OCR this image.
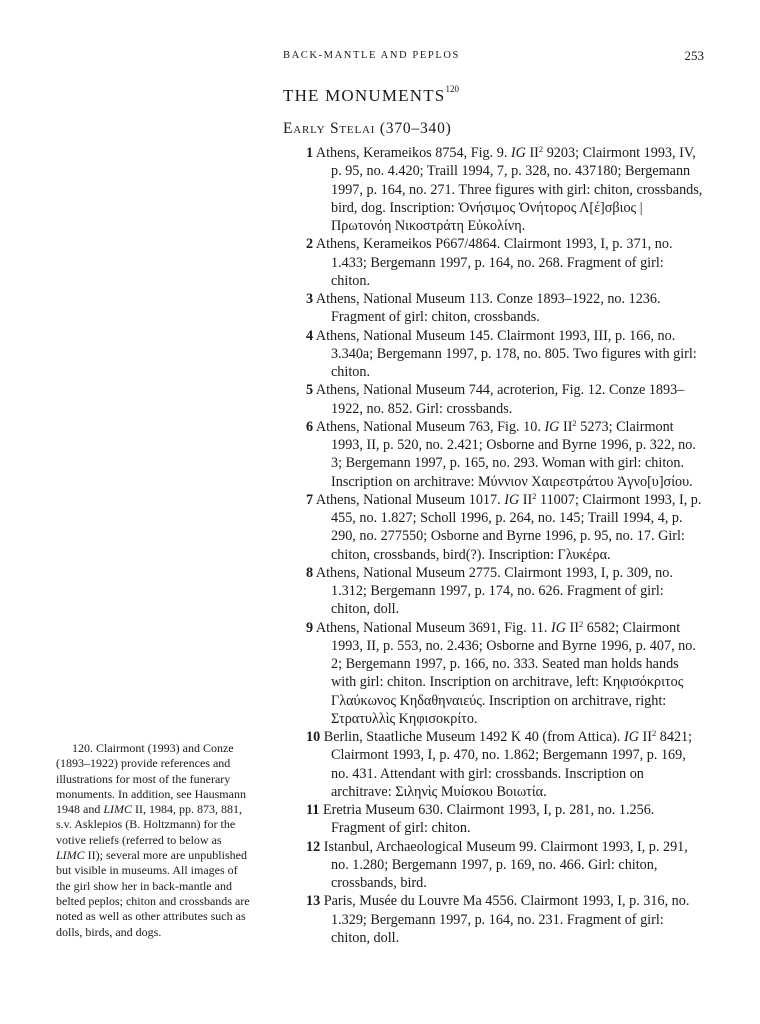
BACK-MANTLE AND PEPLOS	253
THE MONUMENTS$^{120}$
Early Stelai (370–340)
1 Athens, Kerameikos 8754, Fig. 9. IG $II^2$ 9203; Clairmont 1993, IV, p. 95, no. 4.420; Traill 1994, 7, p. 328, no. 437180; Bergemann 1997, p. 164, no. 271. Three figures with girl: chiton, crossbands, bird, dog. Inscription: Ὀνήσιμος Ὀνήτορος Λ[έ]σβιος | Πρωτονόη Νικοστράτη Εὐκολίνη.
2 Athens, Kerameikos P667/4864. Clairmont 1993, I, p. 371, no. 1.433; Bergemann 1997, p. 164, no. 268. Fragment of girl: chiton.
3 Athens, National Museum 113. Conze 1893–1922, no. 1236. Fragment of girl: chiton, crossbands.
4 Athens, National Museum 145. Clairmont 1993, III, p. 166, no. 3.340a; Bergemann 1997, p. 178, no. 805. Two figures with girl: chiton.
5 Athens, National Museum 744, acroterion, Fig. 12. Conze 1893–1922, no. 852. Girl: crossbands.
6 Athens, National Museum 763, Fig. 10. IG $II^2$ 5273; Clairmont 1993, II, p. 520, no. 2.421; Osborne and Byrne 1996, p. 322, no. 3; Bergemann 1997, p. 165, no. 293. Woman with girl: chiton. Inscription on architrave: Μύννιον Χαιρεστράτου Ἁγνο[υ]σίου.
7 Athens, National Museum 1017. IG $II^2$ 11007; Clairmont 1993, I, p. 455, no. 1.827; Scholl 1996, p. 264, no. 145; Traill 1994, 4, p. 290, no. 277550; Osborne and Byrne 1996, p. 95, no. 17. Girl: chiton, crossbands, bird(?). Inscription: Γλυκέρα.
8 Athens, National Museum 2775. Clairmont 1993, I, p. 309, no. 1.312; Bergemann 1997, p. 174, no. 626. Fragment of girl: chiton, doll.
9 Athens, National Museum 3691, Fig. 11. IG $II^2$ 6582; Clairmont 1993, II, p. 553, no. 2.436; Osborne and Byrne 1996, p. 407, no. 2; Bergemann 1997, p. 166, no. 333. Seated man holds hands with girl: chiton. Inscription on architrave, left: Κηφισόκριτος Γλαύκωνος Κηδαθηναιεύς. Inscription on architrave, right: Στρατυλλὶς Κηφισοκρίτο.
10 Berlin, Staatliche Museum 1492 K 40 (from Attica). IG $II^2$ 8421; Clairmont 1993, I, p. 470, no. 1.862; Bergemann 1997, p. 169, no. 431. Attendant with girl: crossbands. Inscription on architrave: Σιληνὶς Μυίσκου Βοιωτία.
11 Eretria Museum 630. Clairmont 1993, I, p. 281, no. 1.256. Fragment of girl: chiton.
12 Istanbul, Archaeological Museum 99. Clairmont 1993, I, p. 291, no. 1.280; Bergemann 1997, p. 169, no. 466. Girl: chiton, crossbands, bird.
13 Paris, Musée du Louvre Ma 4556. Clairmont 1993, I, p. 316, no. 1.329; Bergemann 1997, p. 164, no. 231. Fragment of girl: chiton, doll.
120. Clairmont (1993) and Conze (1893–1922) provide references and illustrations for most of the funerary monuments. In addition, see Hausmann 1948 and LIMC II, 1984, pp. 873, 881, s.v. Asklepios (B. Holtzmann) for the votive reliefs (referred to below as LIMC II); several more are unpublished but visible in museums. All images of the girl show her in back-mantle and belted peplos; chiton and crossbands are noted as well as other attributes such as dolls, birds, and dogs.
